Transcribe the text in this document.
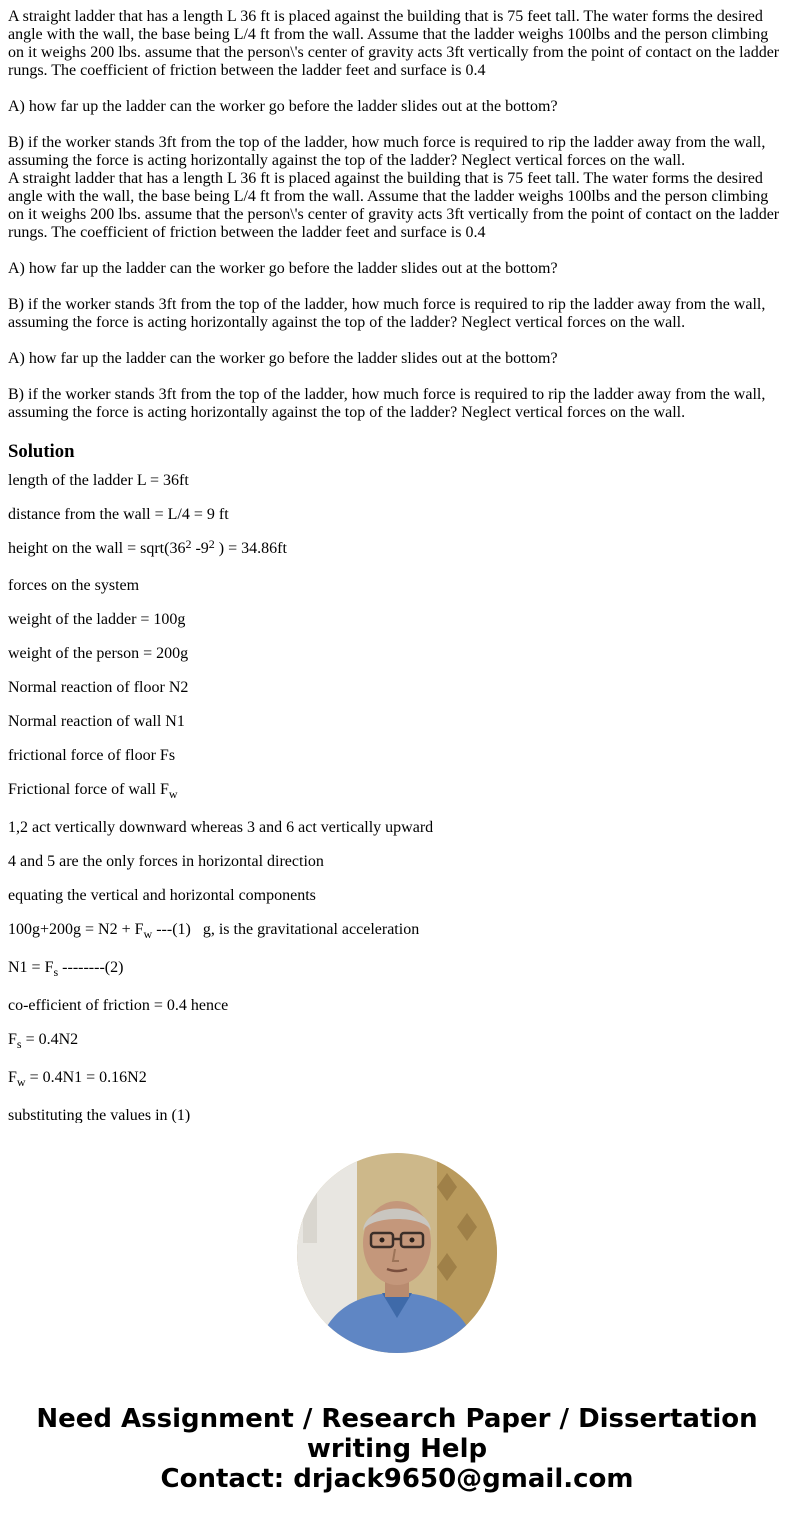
A straight ladder that has a length L 36 ft is placed against the building that is 75 feet tall. The water forms the desired angle with the wall, the base being L/4 ft from the wall. Assume that the ladder weighs 100lbs and the person climbing on it weighs 200 lbs. assume that the person\'s center of gravity acts 3ft vertically from the point of contact on the ladder rungs. The coefficient of friction between the ladder feet and surface is 0.4

A) how far up the ladder can the worker go before the ladder slides out at the bottom?

B) if the worker stands 3ft from the top of the ladder, how much force is required to rip the ladder away from the wall, assuming the force is acting horizontally against the top of the ladder? Neglect vertical forces on the wall.

A straight ladder that has a length L 36 ft is placed against the building that is 75 feet tall. The water forms the desired angle with the wall, the base being L/4 ft from the wall. Assume that the ladder weighs 100lbs and the person climbing on it weighs 200 lbs. assume that the person\'s center of gravity acts 3ft vertically from the point of contact on the ladder rungs. The coefficient of friction between the ladder feet and surface is 0.4

A) how far up the ladder can the worker go before the ladder slides out at the bottom?

B) if the worker stands 3ft from the top of the ladder, how much force is required to rip the ladder away from the wall, assuming the force is acting horizontally against the top of the ladder? Neglect vertical forces on the wall.

A) how far up the ladder can the worker go before the ladder slides out at the bottom?

B) if the worker stands 3ft from the top of the ladder, how much force is required to rip the ladder away from the wall, assuming the force is acting horizontally against the top of the ladder? Neglect vertical forces on the wall.

Solution

length of the ladder L = 36ft

distance from the wall = L/4 = 9 ft

height on the wall = $sqrt(36^2$ $-9^2$ ) = 34.86ft

forces on the system

weight of the ladder = 100g

weight of the person = 200g

Normal reaction of floor N2

Normal reaction of wall N1

frictional force of floor Fs

Frictional force of wall $F_w$

1,2 act vertically downward whereas 3 and 6 act vertically upward

4 and 5 are the only forces in horizontal direction

equating the vertical and horizontal components

$100g+200g = N2 + F_w$ ---(1)   g, is the gravitational acceleration

$N1 = F_s$ --------(2)

co-efficient of friction = 0.4 hence

$F_s = 0.4N2$

$F_w = 0.4N1 = 0.16N2$

substituting the values in (1)

Need Assignment / Research Paper / Dissertation
writing Help
Contact: drjack9650@gmail.com
